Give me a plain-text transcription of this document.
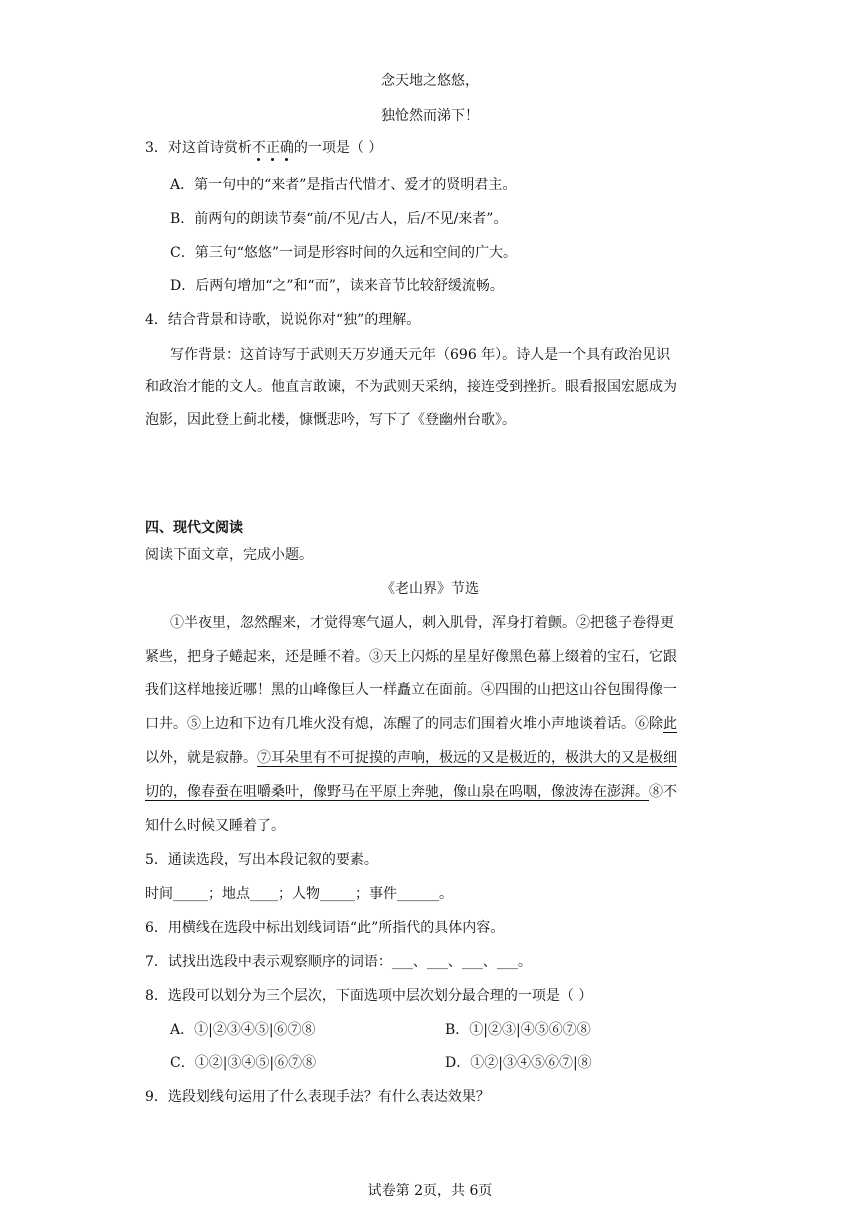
念天地之悠悠，
独怆然而涕下！
3．对这首诗赏析不正确的一项是（ ）
A．第一句中的“来者”是指古代惜才、爱才的贤明君主。
B．前两句的朗读节奏“前/不见/古人，后/不见/来者”。
C．第三句“悠悠”一词是形容时间的久远和空间的广大。
D．后两句增加“之”和“而”，读来音节比较舒缓流畅。
4．结合背景和诗歌，说说你对“独”的理解。
写作背景：这首诗写于武则天万岁通天元年（696 年）。诗人是一个具有政治见识
和政治才能的文人。他直言敢谏，不为武则天采纳，接连受到挫折。眼看报国宏愿成为
泡影，因此登上蓟北楼，慷慨悲吟，写下了《登幽州台歌》。
四、现代文阅读
阅读下面文章，完成小题。
《老山界》节选
①半夜里，忽然醒来，才觉得寒气逼人，刺入肌骨，浑身打着颤。②把毯子卷得更
紧些，把身子蜷起来，还是睡不着。③天上闪烁的星星好像黑色幕上缀着的宝石，它跟
我们这样地接近哪！黑的山峰像巨人一样矗立在面前。④四围的山把这山谷包围得像一
口井。⑤上边和下边有几堆火没有熄，冻醒了的同志们围着火堆小声地谈着话。⑥除此
以外，就是寂静。⑦耳朵里有不可捉摸的声响，极远的又是极近的，极洪大的又是极细
切的，像春蚕在咀嚼桑叶，像野马在平原上奔驰，像山泉在呜咽，像波涛在澎湃。⑧不
知什么时候又睡着了。
5．通读选段，写出本段记叙的要素。
时间_____；地点____；人物_____；事件______。
6．用横线在选段中标出划线词语“此”所指代的具体内容。
7．试找出选段中表示观察顺序的词语：___、___、___、___。
8．选段可以划分为三个层次，下面选项中层次划分最合理的一项是（ ）
A．①|②③④⑤|⑥⑦⑧	B．①|②③|④⑤⑥⑦⑧
C．①②|③④⑤|⑥⑦⑧	D．①②|③④⑤⑥⑦|⑧
9．选段划线句运用了什么表现手法？有什么表达效果？
试卷第 2页，共 6页
